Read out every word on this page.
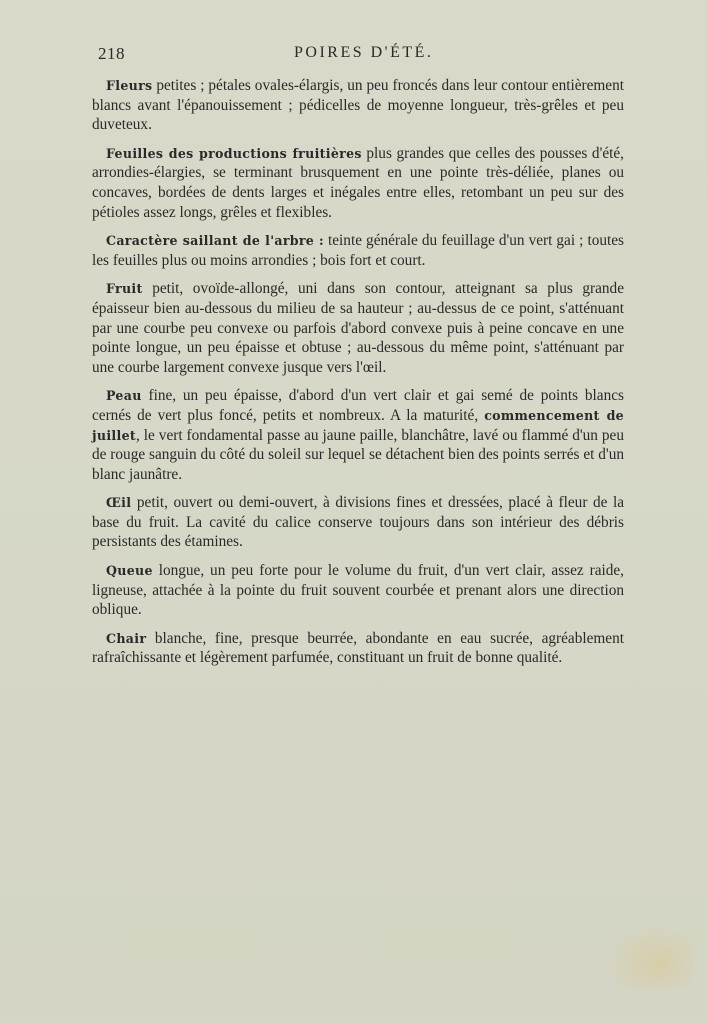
218	POIRES D'ÉTÉ.

Fleurs petites ; pétales ovales-élargis, un peu froncés dans leur contour entièrement blancs avant l'épanouissement ; pédicelles de moyenne longueur, très-grêles et peu duveteux.

Feuilles des productions fruitières plus grandes que celles des pousses d'été, arrondies-élargies, se terminant brusquement en une pointe très-déliée, planes ou concaves, bordées de dents larges et inégales entre elles, retombant un peu sur des pétioles assez longs, grêles et flexibles.

Caractère saillant de l'arbre : teinte générale du feuillage d'un vert gai ; toutes les feuilles plus ou moins arrondies ; bois fort et court.

Fruit petit, ovoïde-allongé, uni dans son contour, atteignant sa plus grande épaisseur bien au-dessous du milieu de sa hauteur ; au-dessus de ce point, s'atténuant par une courbe peu convexe ou parfois d'abord convexe puis à peine concave en une pointe longue, un peu épaisse et obtuse ; au-dessous du même point, s'atténuant par une courbe largement convexe jusque vers l'œil.

Peau fine, un peu épaisse, d'abord d'un vert clair et gai semé de points blancs cernés de vert plus foncé, petits et nombreux. A la maturité, commencement de juillet, le vert fondamental passe au jaune paille, blanchâtre, lavé ou flammé d'un peu de rouge sanguin du côté du soleil sur lequel se détachent bien des points serrés et d'un blanc jaunâtre.

Œil petit, ouvert ou demi-ouvert, à divisions fines et dressées, placé à fleur de la base du fruit. La cavité du calice conserve toujours dans son intérieur des débris persistants des étamines.

Queue longue, un peu forte pour le volume du fruit, d'un vert clair, assez raide, ligneuse, attachée à la pointe du fruit souvent courbée et prenant alors une direction oblique.

Chair blanche, fine, presque beurrée, abondante en eau sucrée, agréablement rafraîchissante et légèrement parfumée, constituant un fruit de bonne qualité.
